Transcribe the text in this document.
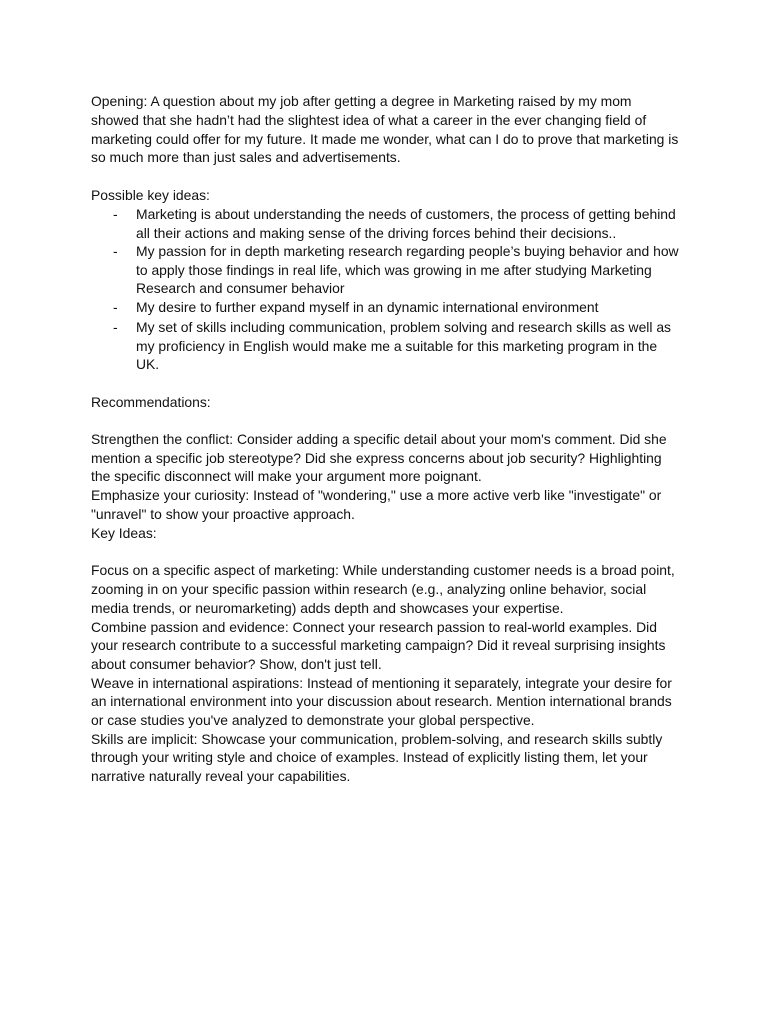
Opening: A question about my job after getting a degree in Marketing raised by my mom
showed that she hadn’t had the slightest idea of what a career in the ever changing field of
marketing could offer for my future. It made me wonder, what can I do to prove that marketing is
so much more than just sales and advertisements.
Possible key ideas:
- Marketing is about understanding the needs of customers, the process of getting behind
all their actions and making sense of the driving forces behind their decisions..
- My passion for in depth marketing research regarding people’s buying behavior and how
to apply those findings in real life, which was growing in me after studying Marketing
Research and consumer behavior
- My desire to further expand myself in an dynamic international environment
- My set of skills including communication, problem solving and research skills as well as
my proficiency in English would make me a suitable for this marketing program in the
UK.
Recommendations:
Strengthen the conflict: Consider adding a specific detail about your mom's comment. Did she
mention a specific job stereotype? Did she express concerns about job security? Highlighting
the specific disconnect will make your argument more poignant.
Emphasize your curiosity: Instead of "wondering," use a more active verb like "investigate" or
"unravel" to show your proactive approach.
Key Ideas:
Focus on a specific aspect of marketing: While understanding customer needs is a broad point,
zooming in on your specific passion within research (e.g., analyzing online behavior, social
media trends, or neuromarketing) adds depth and showcases your expertise.
Combine passion and evidence: Connect your research passion to real-world examples. Did
your research contribute to a successful marketing campaign? Did it reveal surprising insights
about consumer behavior? Show, don't just tell.
Weave in international aspirations: Instead of mentioning it separately, integrate your desire for
an international environment into your discussion about research. Mention international brands
or case studies you've analyzed to demonstrate your global perspective.
Skills are implicit: Showcase your communication, problem-solving, and research skills subtly
through your writing style and choice of examples. Instead of explicitly listing them, let your
narrative naturally reveal your capabilities.
